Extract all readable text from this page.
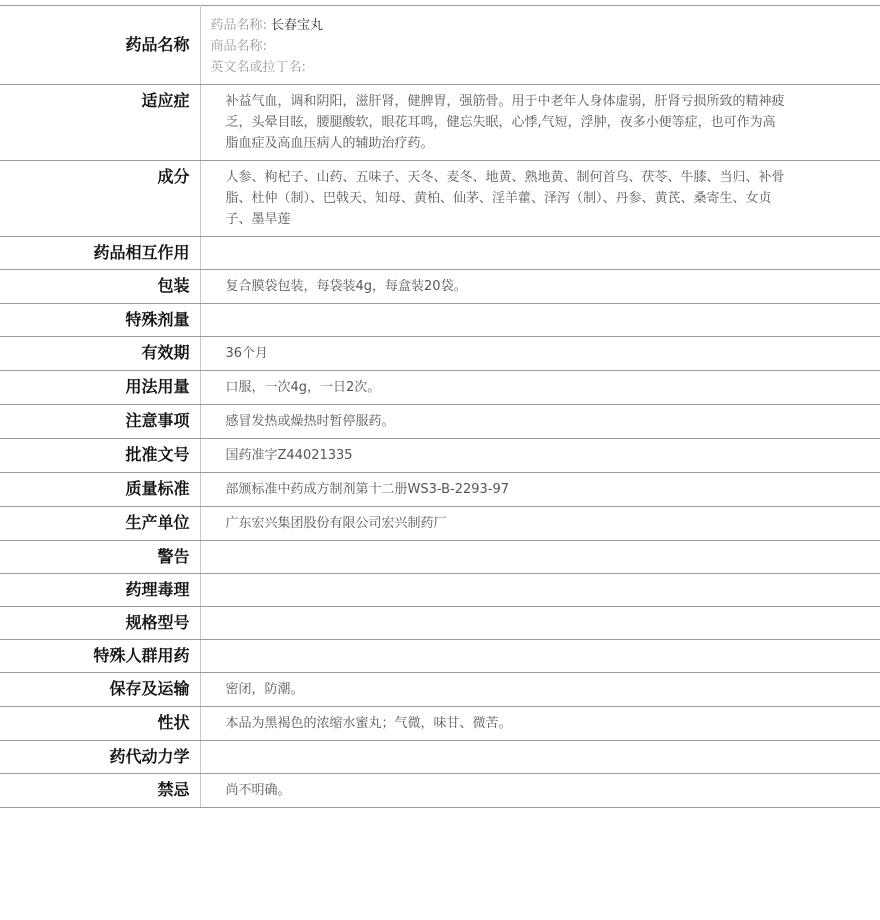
药品名称	药品名称: 长春宝丸
商品名称:
英文名或拉丁名:

适应症	补益气血，调和阴阳，滋肝肾，健脾胃，强筋骨。用于中老年人身体虚弱，肝肾亏损所致的精神疲乏，头晕目眩，腰腿酸软，眼花耳鸣，健忘失眠，心悸,气短，浮肿，夜多小便等症，也可作为高脂血症及高血压病人的辅助治疗药。
成分	人参、枸杞子、山药、五味子、天冬、麦冬、地黄、熟地黄、制何首乌、茯苓、牛膝、当归、补骨脂、杜仲（制）、巴戟天、知母、黄柏、仙茅、淫羊藿、泽泻（制）、丹参、黄芪、桑寄生、女贞子、墨旱莲
药品相互作用	
包装	复合膜袋包装，每袋装4g，每盒装20袋。
特殊剂量	
有效期	36个月
用法用量	口服，一次4g，一日2次。
注意事项	感冒发热或燥热时暂停服药。
批准文号	国药准字Z44021335
质量标准	部颁标准中药成方制剂第十二册WS3-B-2293-97
生产单位	广东宏兴集团股份有限公司宏兴制药厂
警告	
药理毒理	
规格型号	
特殊人群用药	
保存及运输	密闭，防潮。
性状	本品为黑褐色的浓缩水蜜丸；气微，味甘、微苦。
药代动力学	
禁忌	尚不明确。
